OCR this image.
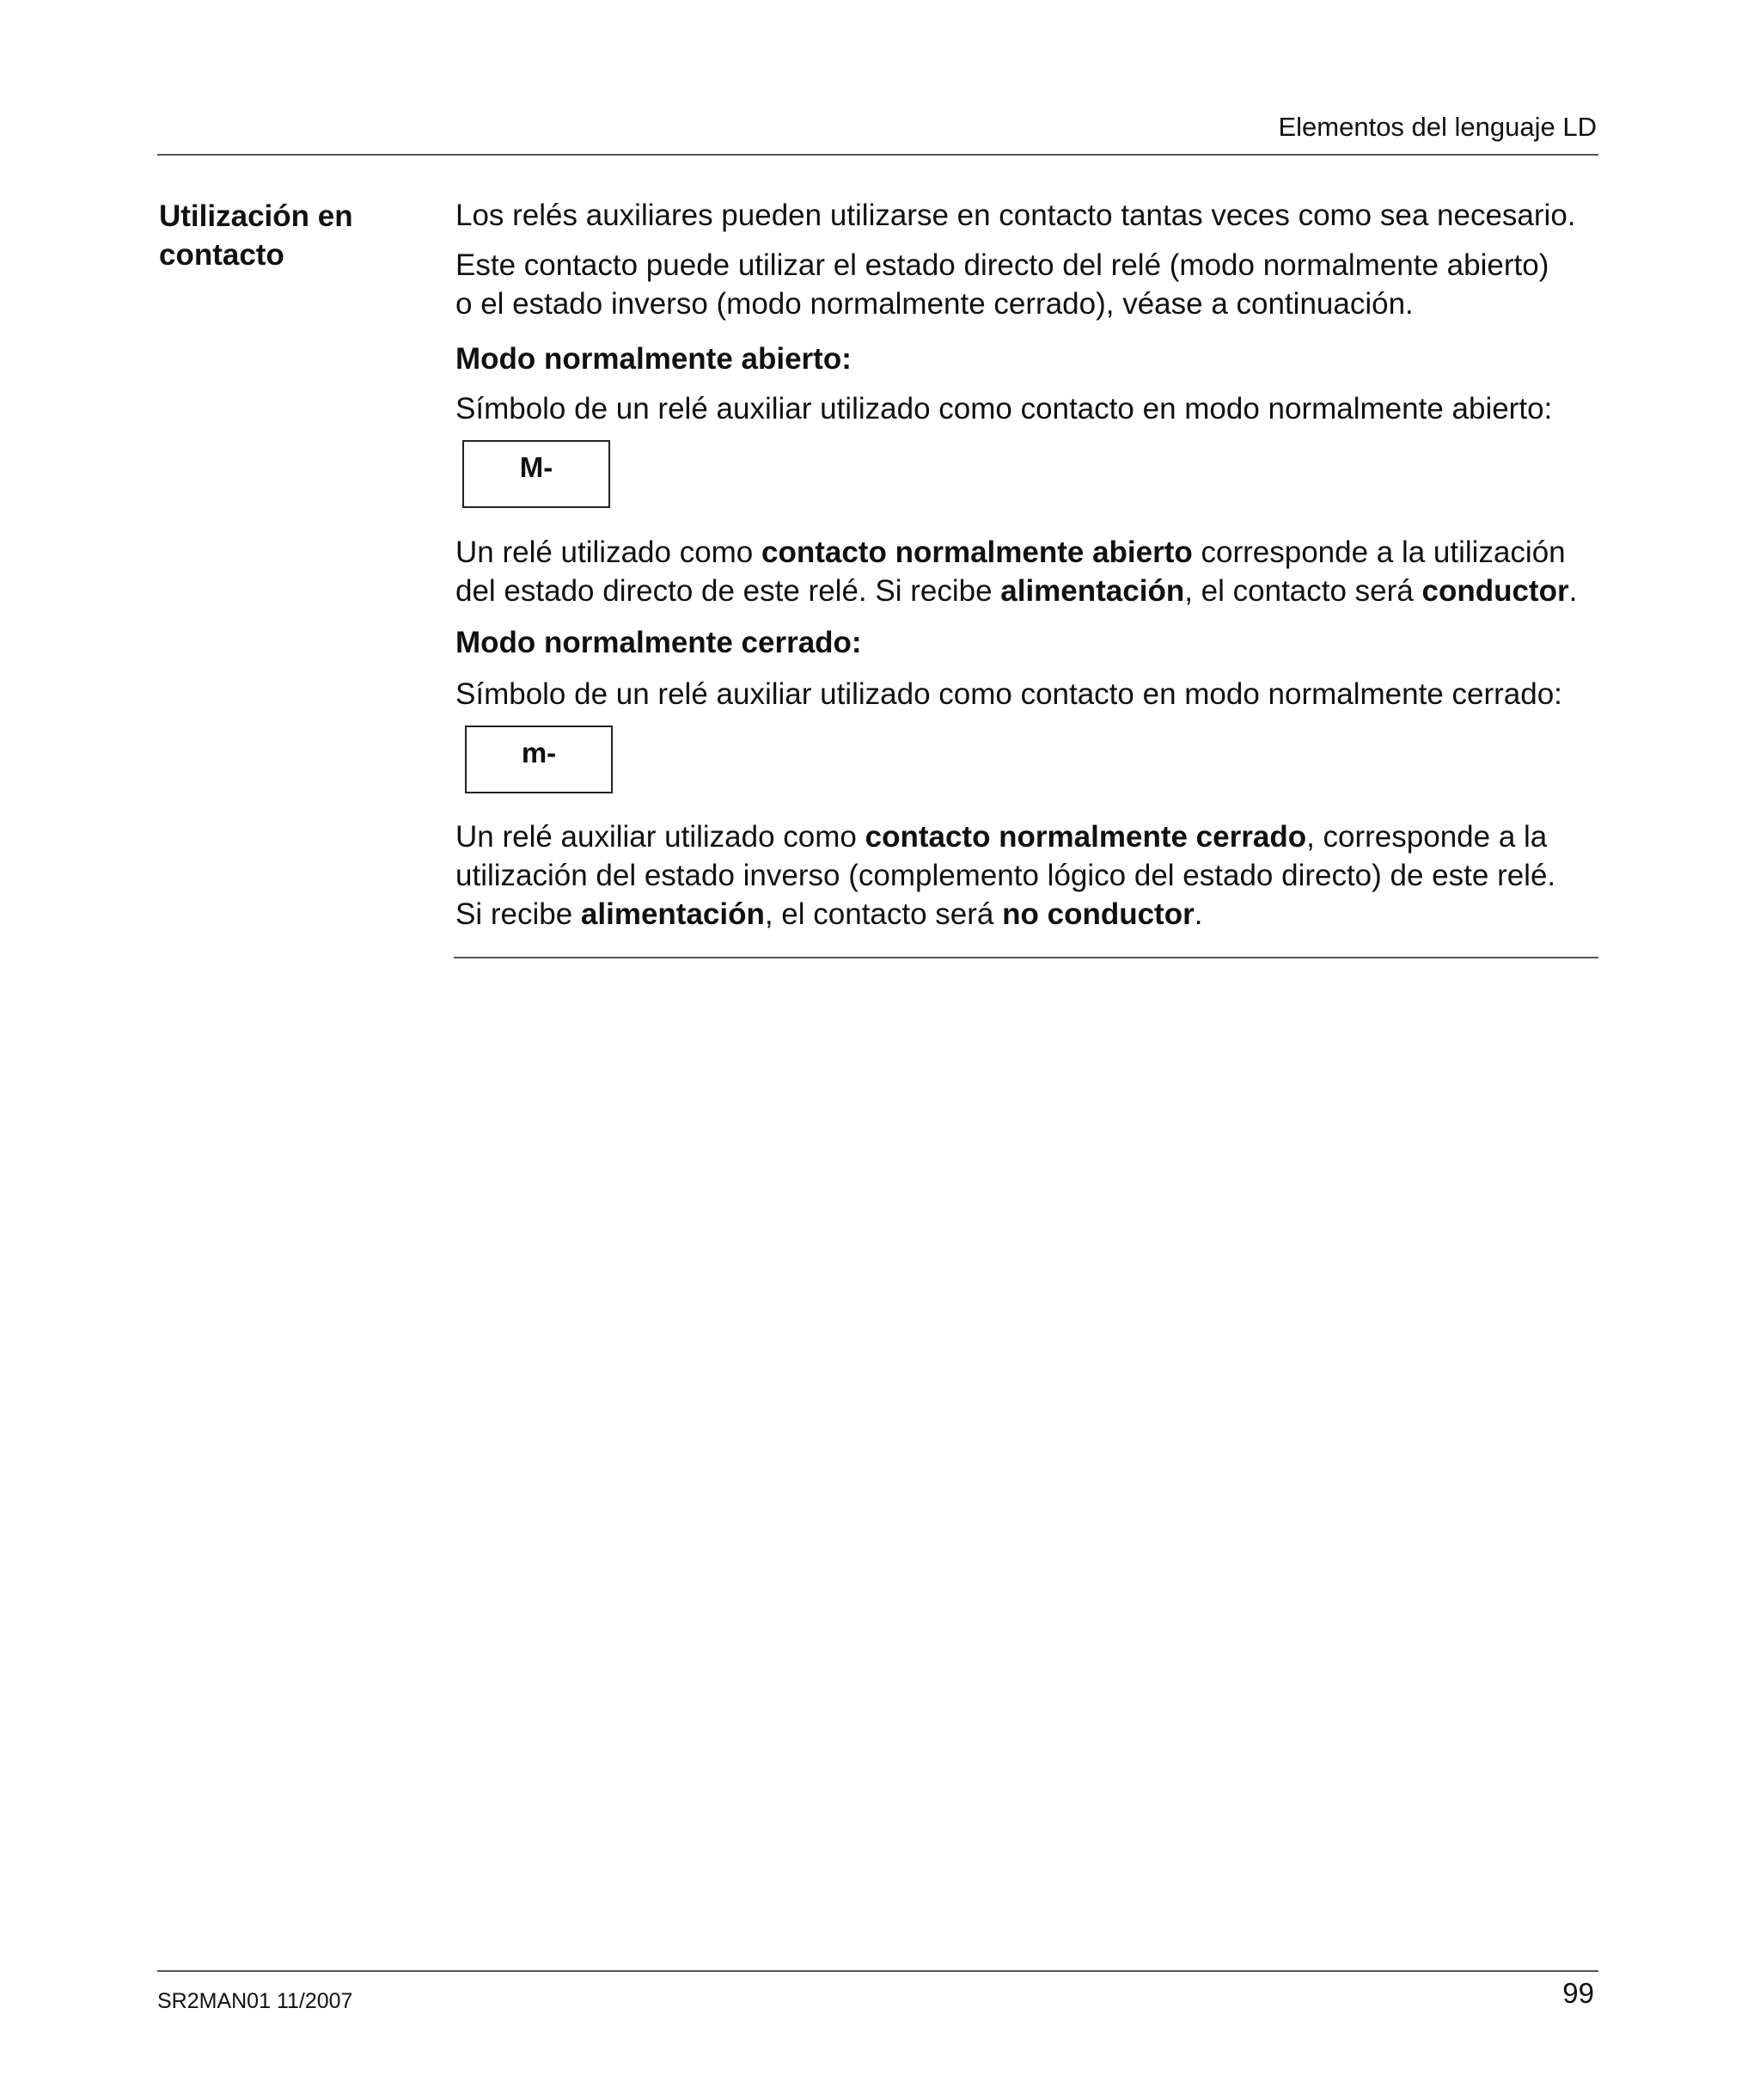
Elementos del lenguaje LD
Utilización en
contacto

Los relés auxiliares pueden utilizarse en contacto tantas veces como sea necesario.

Este contacto puede utilizar el estado directo del relé (modo normalmente abierto)

o el estado inverso (modo normalmente cerrado), véase a continuación.

Modo normalmente abierto:

Símbolo de un relé auxiliar utilizado como contacto en modo normalmente abierto:

M-

Un relé utilizado como contacto normalmente abierto corresponde a la utilización

del estado directo de este relé. Si recibe alimentación, el contacto será conductor.

Modo normalmente cerrado:

Símbolo de un relé auxiliar utilizado como contacto en modo normalmente cerrado:

m-

Un relé auxiliar utilizado como contacto normalmente cerrado, corresponde a la

utilización del estado inverso (complemento lógico del estado directo) de este relé.

Si recibe alimentación, el contacto será no conductor.

SR2MAN01 11/2007	99
